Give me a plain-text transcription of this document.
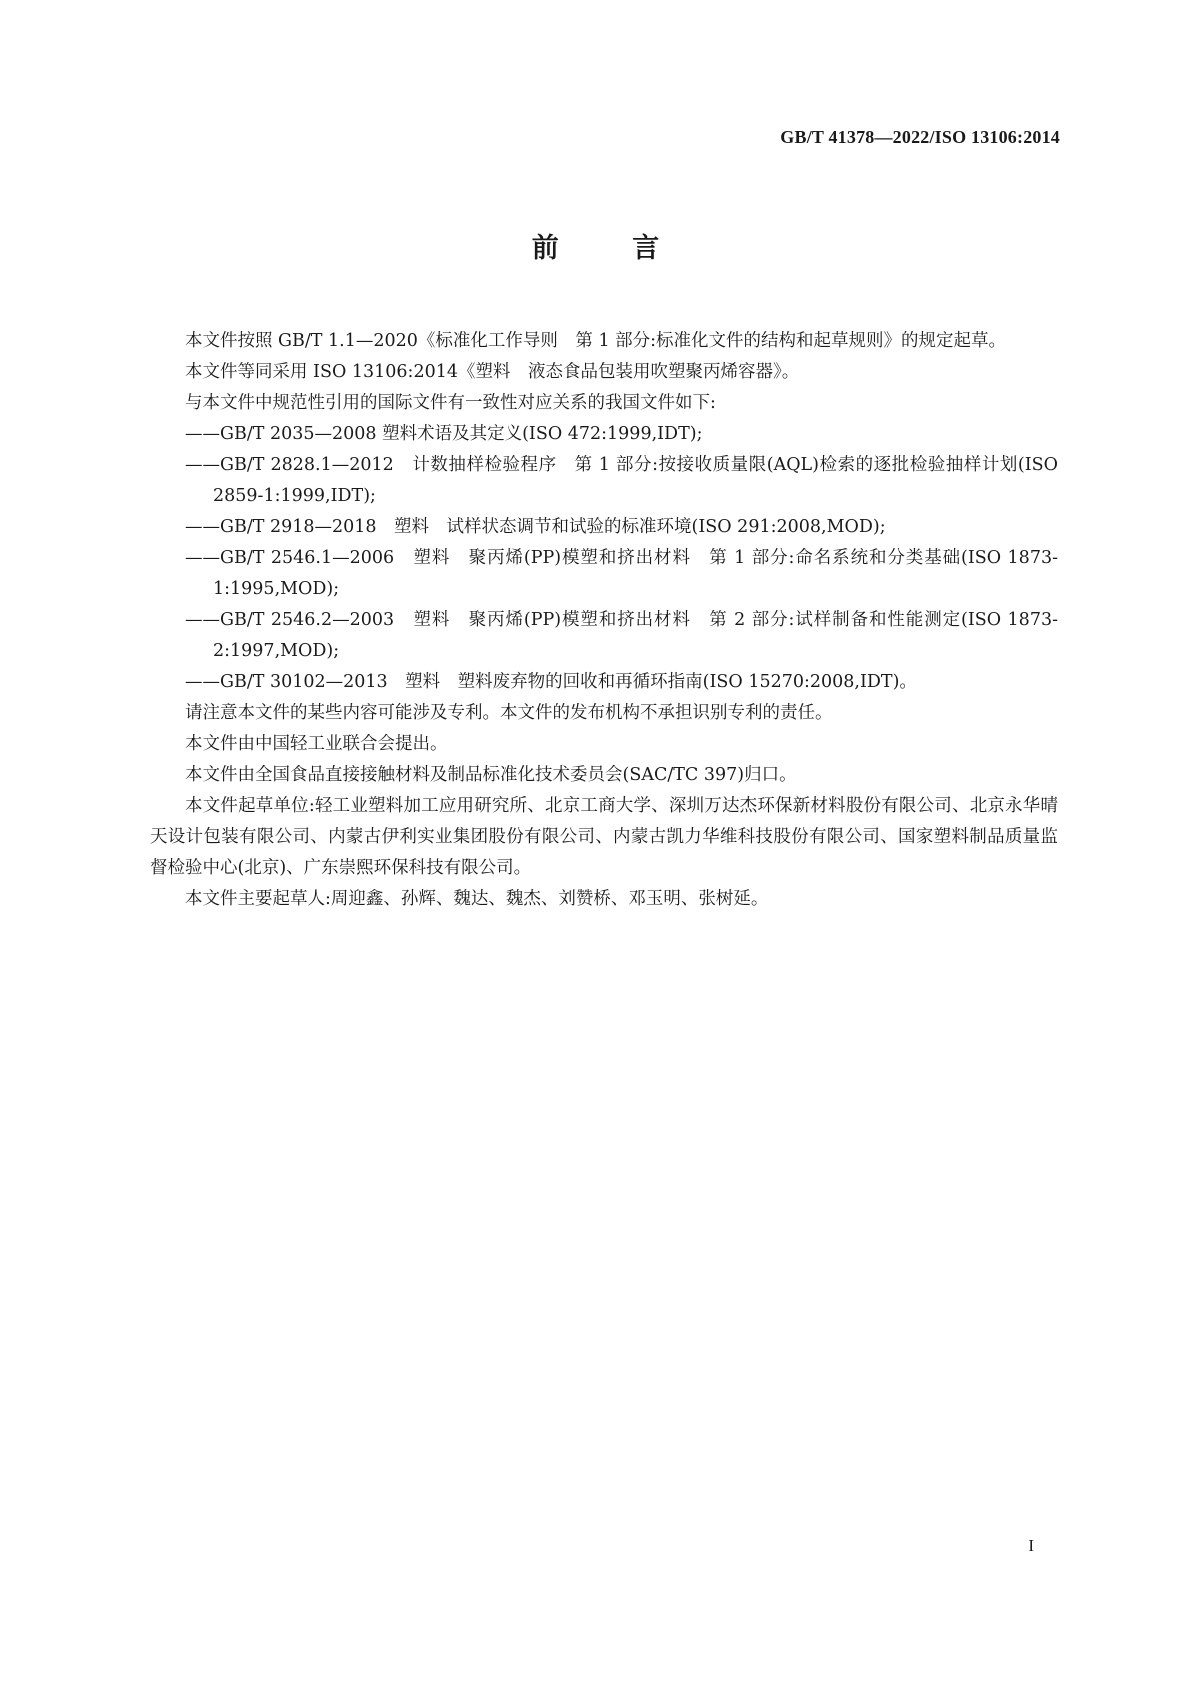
GB/T 41378—2022/ISO 13106:2014
前 言

本文件按照 GB/T 1.1—2020《标准化工作导则　第 1 部分:标准化文件的结构和起草规则》的规定起草。

本文件等同采用 ISO 13106:2014《塑料　液态食品包装用吹塑聚丙烯容器》。

与本文件中规范性引用的国际文件有一致性对应关系的我国文件如下:

——GB/T 2035—2008 塑料术语及其定义(ISO 472:1999,IDT);

——GB/T 2828.1—2012　计数抽样检验程序　第 1 部分:按接收质量限(AQL)检索的逐批检验抽样计划(ISO 2859-1:1999,IDT);

——GB/T 2918—2018　塑料　试样状态调节和试验的标准环境(ISO 291:2008,MOD);

——GB/T 2546.1—2006　塑料　聚丙烯(PP)模塑和挤出材料　第 1 部分:命名系统和分类基础(ISO 1873-1:1995,MOD);

——GB/T 2546.2—2003　塑料　聚丙烯(PP)模塑和挤出材料　第 2 部分:试样制备和性能测定(ISO 1873-2:1997,MOD);

——GB/T 30102—2013　塑料　塑料废弃物的回收和再循环指南(ISO 15270:2008,IDT)。

请注意本文件的某些内容可能涉及专利。本文件的发布机构不承担识别专利的责任。

本文件由中国轻工业联合会提出。

本文件由全国食品直接接触材料及制品标准化技术委员会(SAC/TC 397)归口。

本文件起草单位:轻工业塑料加工应用研究所、北京工商大学、深圳万达杰环保新材料股份有限公司、北京永华晴天设计包装有限公司、内蒙古伊利实业集团股份有限公司、内蒙古凯力华维科技股份有限公司、国家塑料制品质量监督检验中心(北京)、广东崇熙环保科技有限公司。

本文件主要起草人:周迎鑫、孙辉、魏达、魏杰、刘赞桥、邓玉明、张树延。

I
